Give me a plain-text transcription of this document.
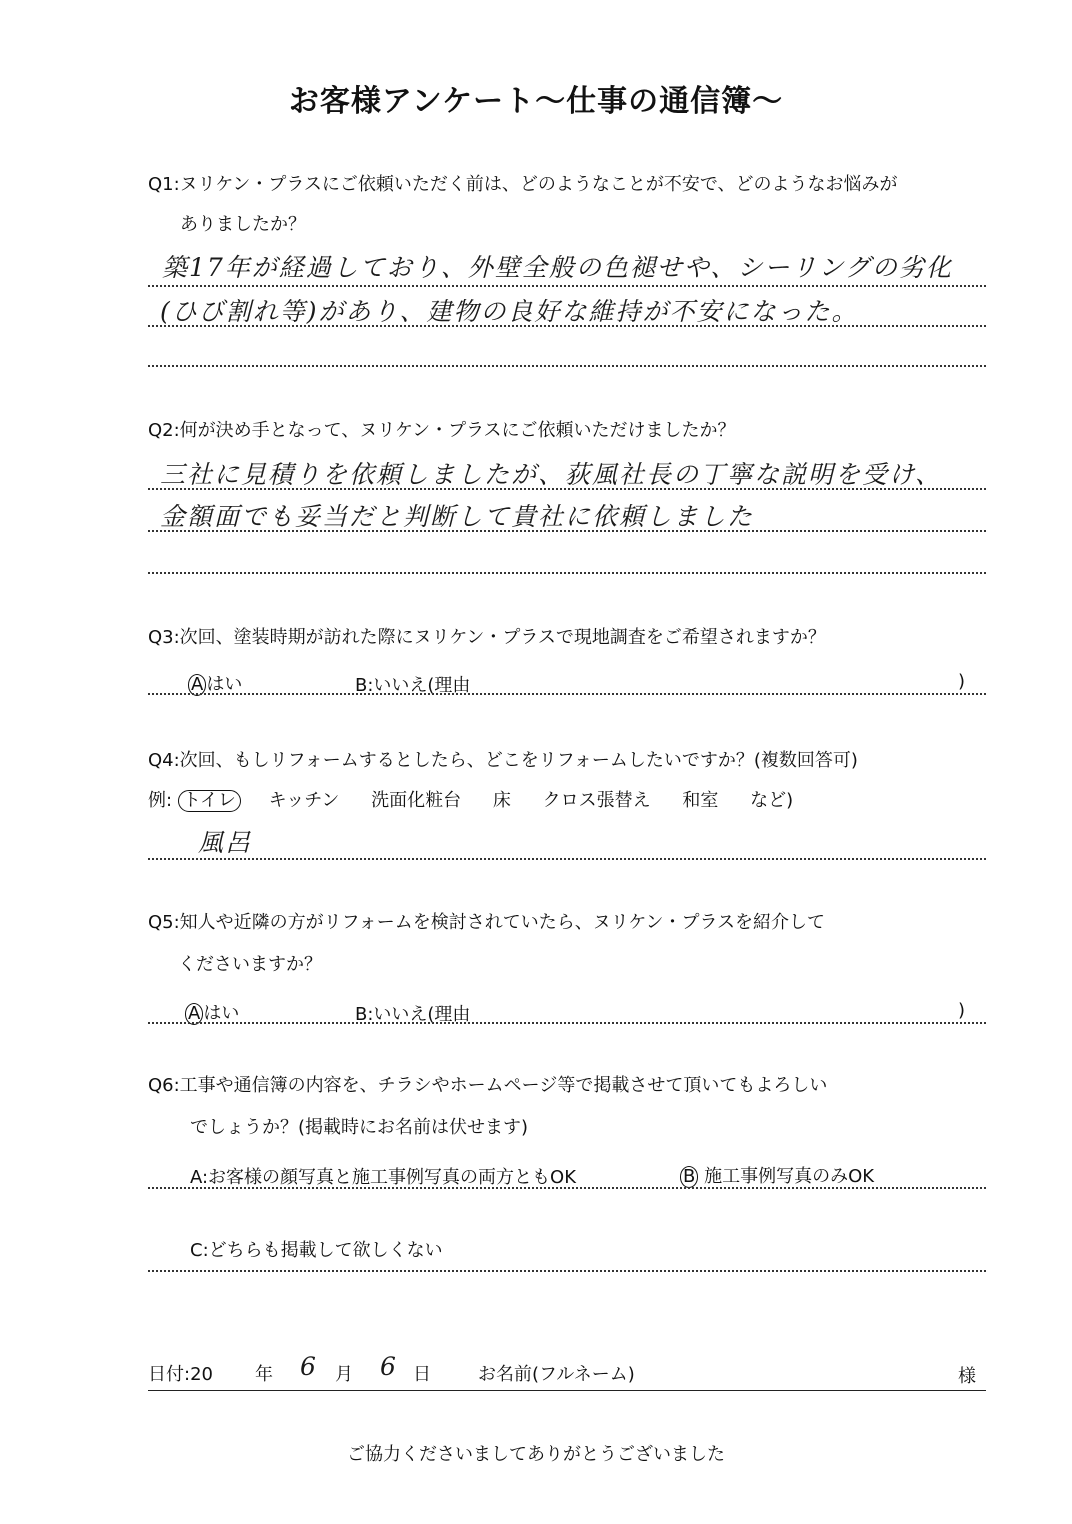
お客様アンケート〜仕事の通信簿〜
Q1:ヌリケン・プラスにご依頼いただく前は、どのようなことが不安で、どのようなお悩みが
ありましたか？
築17年が経過しており、外壁全般の色褪せや、シーリングの劣化
(ひび割れ等)があり、建物の良好な維持が不安になった。
Q2:何が決め手となって、ヌリケン・プラスにご依頼いただけましたか？
三社に見積りを依頼しましたが、荻風社長の丁寧な説明を受け、
金額面でも妥当だと判断して貴社に依頼しました
Q3:次回、塗装時期が訪れた際にヌリケン・プラスで現地調査をご希望されますか？
A はい	B:いいえ(理由	)
Q4:次回、もしリフォームするとしたら、どこをリフォームしたいですか？(複数回答可)
例: トイレ キッチン 洗面化粧台 床 クロス張替え 和室 など)
風呂
Q5:知人や近隣の方がリフォームを検討されていたら、ヌリケン・プラスを紹介して
くださいますか？
A はい	B:いいえ(理由	)
Q6:工事や通信簿の内容を、チラシやホームページ等で掲載させて頂いてもよろしい
でしょうか？(掲載時にお名前は伏せます)
A:お客様の顔写真と施工事例写真の両方ともOK	B 施工事例写真のみOK
C:どちらも掲載して欲しくない
日付:20 年 6 月 6 日	お名前(フルネーム)	様
ご協力くださいましてありがとうございました
